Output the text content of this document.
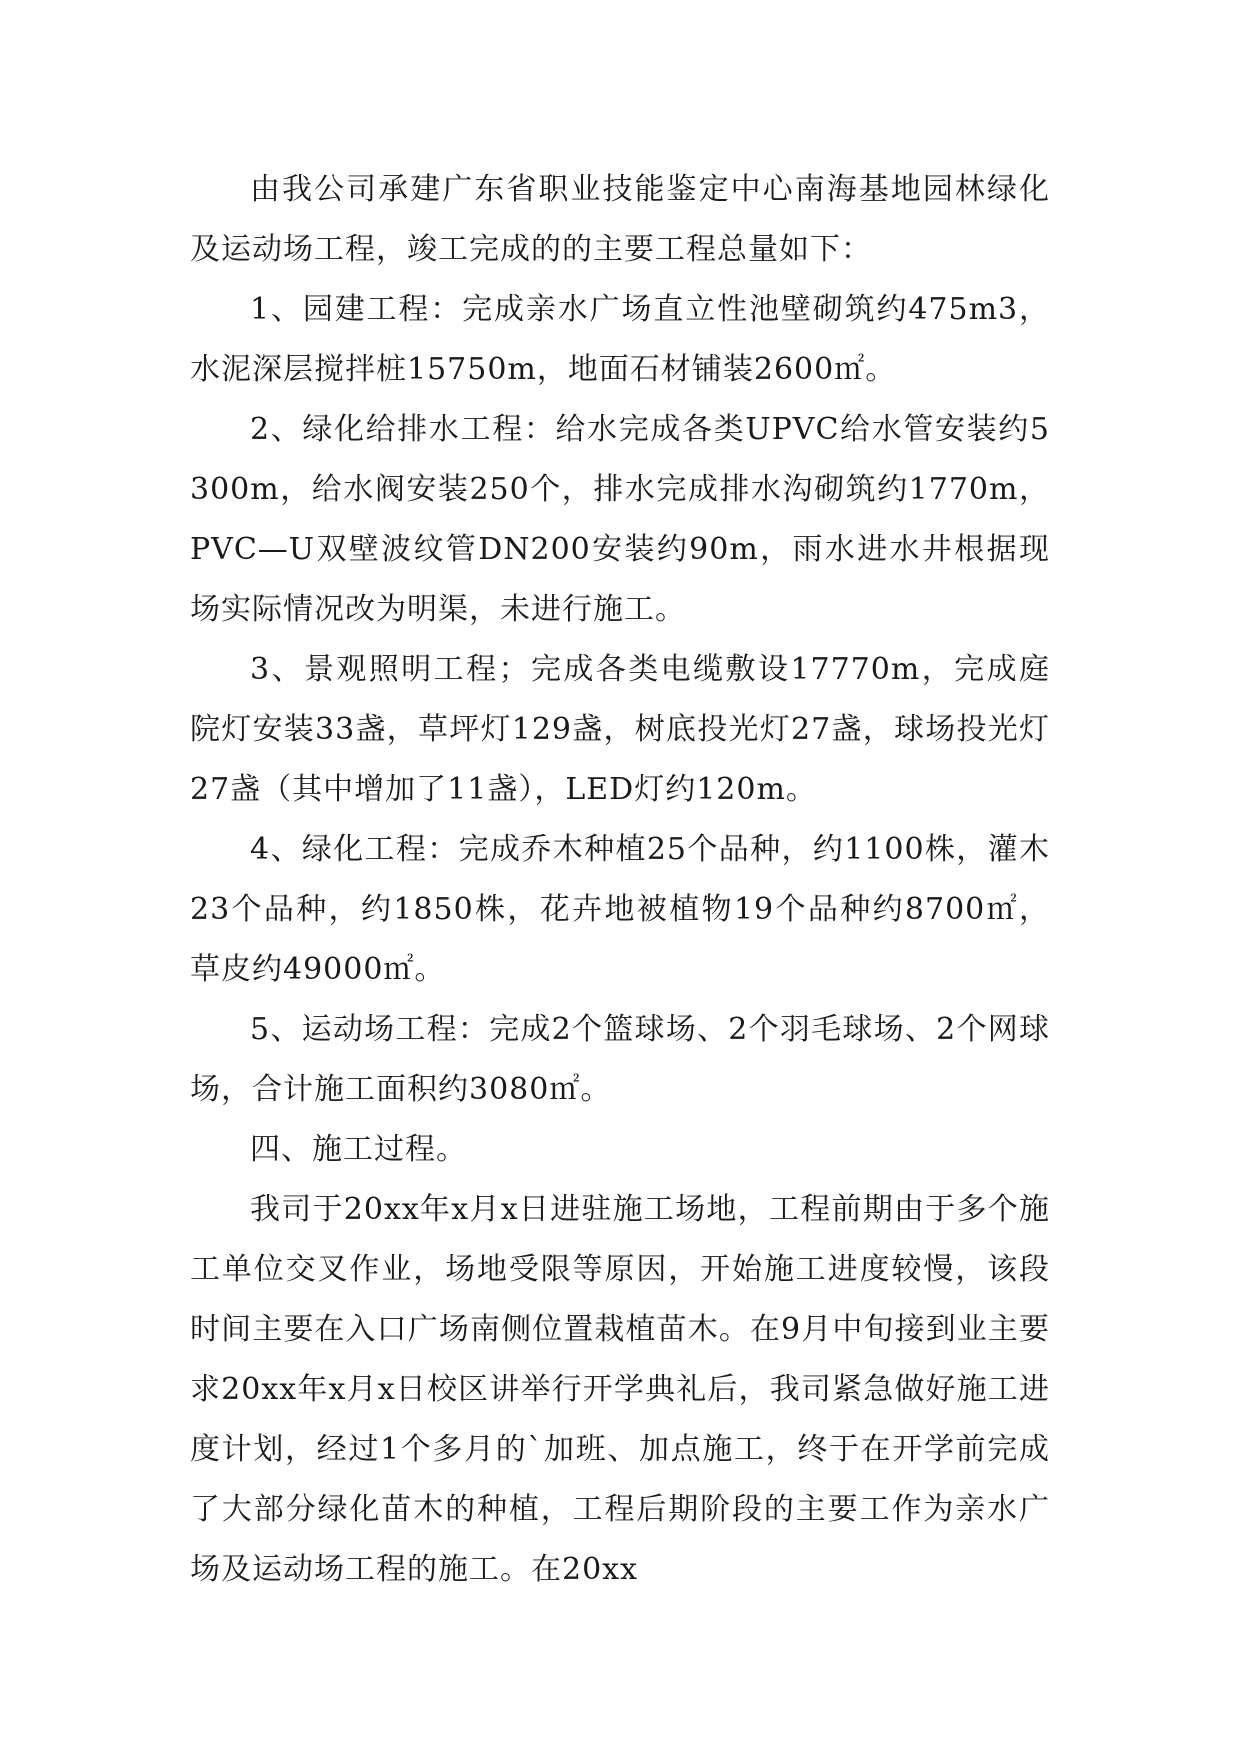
由我公司承建广东省职业技能鉴定中心南海基地园林绿化及运动场工程，竣工完成的的主要工程总量如下：

1、园建工程：完成亲水广场直立性池壁砌筑约475m3，水泥深层搅拌桩15750m，地面石材铺装2600㎡。

2、绿化给排水工程：给水完成各类UPVC给水管安装约5300m，给水阀安装250个，排水完成排水沟砌筑约1770m，PVC—U双壁波纹管DN200安装约90m，雨水进水井根据现场实际情况改为明渠，未进行施工。

3、景观照明工程；完成各类电缆敷设17770m，完成庭院灯安装33盏，草坪灯129盏，树底投光灯27盏，球场投光灯27盏（其中增加了11盏），LED灯约120m。

4、绿化工程：完成乔木种植25个品种，约1100株，灌木23个品种，约1850株，花卉地被植物19个品种约8700㎡，草皮约49000㎡。

5、运动场工程：完成2个篮球场、2个羽毛球场、2个网球场，合计施工面积约3080㎡。

四、施工过程。

我司于20xx年x月x日进驻施工场地，工程前期由于多个施工单位交叉作业，场地受限等原因，开始施工进度较慢，该段时间主要在入口广场南侧位置栽植苗木。在9月中旬接到业主要求20xx年x月x日校区讲举行开学典礼后，我司紧急做好施工进度计划，经过1个多月的`加班、加点施工，终于在开学前完成了大部分绿化苗木的种植，工程后期阶段的主要工作为亲水广场及运动场工程的施工。在20xx
